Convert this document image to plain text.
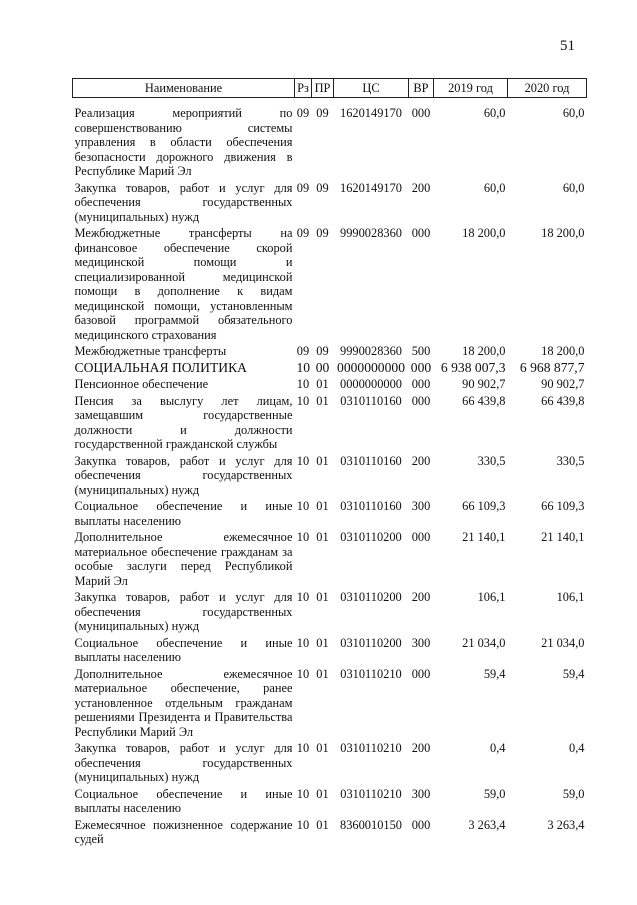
51
Наименование	Рз	ПР	ЦС	ВР	2019 год	2020 год

Реализация мероприятий по совершенствованию системы управления в области обеспечения безопасности дорожного движения в Республике Марий Эл	09	09	1620149170	000	60,0	60,0
Закупка товаров, работ и услуг для обеспечения государственных (муниципальных) нужд	09	09	1620149170	200	60,0	60,0
Межбюджетные трансферты на финансовое обеспечение скорой медицинской помощи и специализированной медицинской помощи в дополнение к видам медицинской помощи, установленным базовой программой обязательного медицинского страхования	09	09	9990028360	000	18 200,0	18 200,0
Межбюджетные трансферты	09	09	9990028360	500	18 200,0	18 200,0
СОЦИАЛЬНАЯ ПОЛИТИКА	10	00	0000000000	000	6 938 007,3	6 968 877,7
Пенсионное обеспечение	10	01	0000000000	000	90 902,7	90 902,7
Пенсия за выслугу лет лицам, замещавшим государственные должности и должности государственной гражданской службы	10	01	0310110160	000	66 439,8	66 439,8
Закупка товаров, работ и услуг для обеспечения государственных (муниципальных) нужд	10	01	0310110160	200	330,5	330,5
Социальное обеспечение и иные выплаты населению	10	01	0310110160	300	66 109,3	66 109,3
Дополнительное ежемесячное материальное обеспечение гражданам за особые заслуги перед Республикой Марий Эл	10	01	0310110200	000	21 140,1	21 140,1
Закупка товаров, работ и услуг для обеспечения государственных (муниципальных) нужд	10	01	0310110200	200	106,1	106,1
Социальное обеспечение и иные выплаты населению	10	01	0310110200	300	21 034,0	21 034,0
Дополнительное ежемесячное материальное обеспечение, ранее установленное отдельным гражданам решениями Президента и Правительства Республики Марий Эл	10	01	0310110210	000	59,4	59,4
Закупка товаров, работ и услуг для обеспечения государственных (муниципальных) нужд	10	01	0310110210	200	0,4	0,4
Социальное обеспечение и иные выплаты населению	10	01	0310110210	300	59,0	59,0
Ежемесячное пожизненное содержание судей	10	01	8360010150	000	3 263,4	3 263,4
